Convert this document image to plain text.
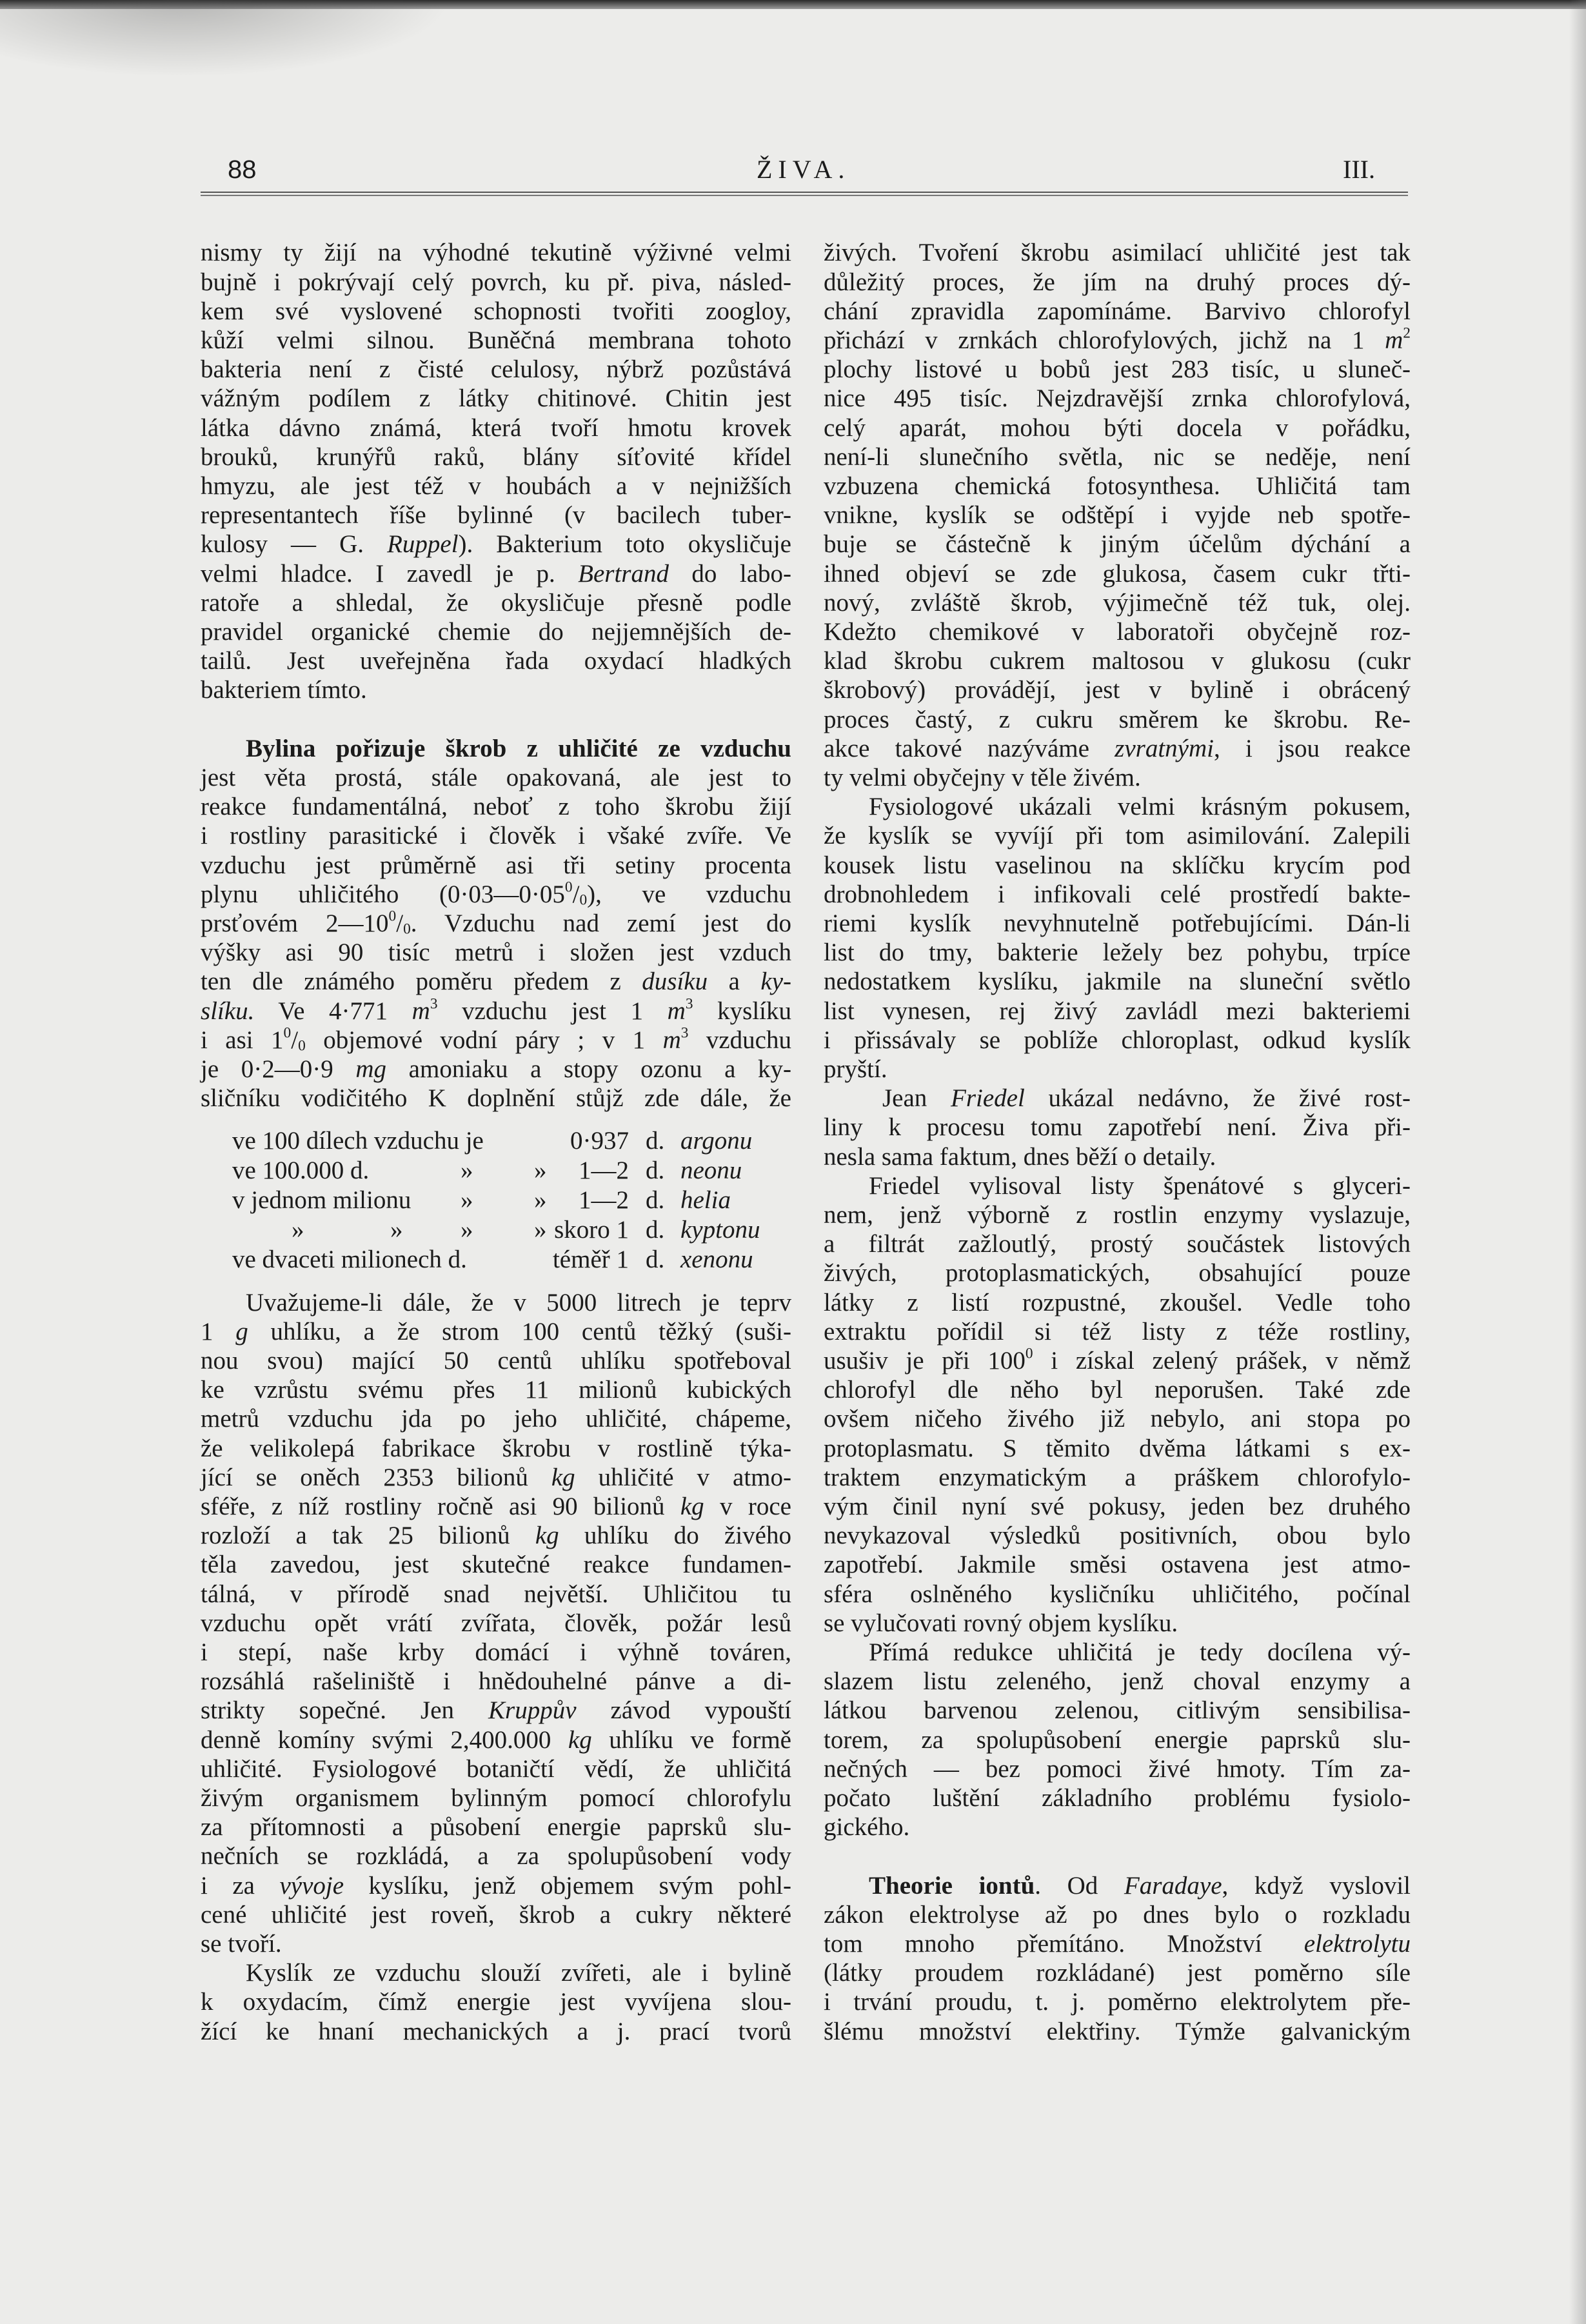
88	ŽIVA.	III.
nismy ty žijí na výhodné tekutině výživné velmi
bujně i pokrývají celý povrch, ku př. piva, násled-
kem své vyslovené schopnosti tvořiti zoogloy,
kůží velmi silnou. Buněčná membrana tohoto
bakteria není z čisté celulosy, nýbrž pozůstává
vážným podílem z látky chitinové. Chitin jest
látka dávno známá, která tvoří hmotu krovek
brouků, krunýřů raků, blány síťovité křídel
hmyzu, ale jest též v houbách a v nejnižších
representantech říše bylinné (v bacilech tuber-
kulosy — G. Ruppel). Bakterium toto okysličuje
velmi hladce. I zavedl je p. Bertrand do labo-
ratoře a shledal, že okysličuje přesně podle
pravidel organické chemie do nejjemnějších de-
tailů. Jest uveřejněna řada oxydací hladkých
bakteriem tímto.
Bylina pořizuje škrob z uhličité ze vzduchu
jest věta prostá, stále opakovaná, ale jest to
reakce fundamentálná, neboť z toho škrobu žijí
i rostliny parasitické i člověk i všaké zvíře. Ve
vzduchu jest průměrně asi tři setiny procenta
plynu uhličitého $(0\cdot 03—0\cdot 05^0/0)$, ve vzduchu
prsťovém $2—10^0/0$. Vzduchu nad zemí jest do
výšky asi 90 tisíc metrů i složen jest vzduch
ten dle známého poměru předem z dusíku a ky-
slíku. Ve 4·771 $m^3$ vzduchu jest 1 $m^3$ kyslíku
i asi $1^0/0$ objemové vodní páry ; v 1 $m^3$ vzduchu
je 0·2—0·9 mg amoniaku a stopy ozonu a ky-
sličníku vodičitého K doplnění stůjž zde dále, že
ve 100 dílech vzduchu je	0·937 d. argonu
ve 100.000 d.	» » 1—2 d. neonu
v jednom milionu » » 1—2 d. helia
»	» » » skoro 1 d. kyptonu
ve dvaceti milionech d.	téměř 1 d. xenonu
Uvažujeme-li dále, že v 5000 litrech je teprv
1 g uhlíku, a že strom 100 centů těžký (suši-
nou svou) mající 50 centů uhlíku spotřeboval
ke vzrůstu svému přes 11 milionů kubických
metrů vzduchu jda po jeho uhličité, chápeme,
že velikolepá fabrikace škrobu v rostlině týka-
jící se oněch 2353 bilionů kg uhličité v atmo-
sféře, z níž rostliny ročně asi 90 bilionů kg v roce
rozloží a tak 25 bilionů kg uhlíku do živého
těla zavedou, jest skutečné reakce fundamen-
tálná, v přírodě snad největší. Uhličitou tu
vzduchu opět vrátí zvířata, člověk, požár lesů
i stepí, naše krby domácí i výhně továren,
rozsáhlá rašeliniště i hnědouhelné pánve a di-
strikty sopečné. Jen Kruppův závod vypouští
denně komíny svými 2,400.000 kg uhlíku ve formě
uhličité. Fysiologové botaničtí vědí, že uhličitá
živým organismem bylinným pomocí chlorofylu
za přítomnosti a působení energie paprsků slu-
nečních se rozkládá, a za spolupůsobení vody
i za vývoje kyslíku, jenž objemem svým pohl-
cené uhličité jest roveň, škrob a cukry některé
se tvoří.
Kyslík ze vzduchu slouží zvířeti, ale i bylině
k oxydacím, čímž energie jest vyvíjena slou-
žící ke hnaní mechanických a j. prací tvorů
živých. Tvoření škrobu asimilací uhličité jest tak
důležitý proces, že jím na druhý proces dý-
chání zpravidla zapomínáme. Barvivo chlorofyl
přichází v zrnkách chlorofylových, jichž na 1 $m^2$
plochy listové u bobů jest 283 tisíc, u sluneč-
nice 495 tisíc. Nejzdravější zrnka chlorofylová,
celý aparát, mohou býti docela v pořádku,
není-li slunečního světla, nic se neděje, není
vzbuzena chemická fotosynthesa. Uhličitá tam
vnikne, kyslík se odštěpí i vyjde neb spotře-
buje se částečně k jiným účelům dýchání a
ihned objeví se zde glukosa, časem cukr třti-
nový, zvláště škrob, výjimečně též tuk, olej.
Kdežto chemikové v laboratoři obyčejně roz-
klad škrobu cukrem maltosou v glukosu (cukr
škrobový) provádějí, jest v bylině i obrácený
proces častý, z cukru směrem ke škrobu. Re-
akce takové nazýváme zvratnými, i jsou reakce
ty velmi obyčejny v těle živém.
Fysiologové ukázali velmi krásným pokusem,
že kyslík se vyvíjí při tom asimilování. Zalepili
kousek listu vaselinou na sklíčku krycím pod
drobnohledem i infikovali celé prostředí bakte-
riemi kyslík nevyhnutelně potřebujícími. Dán-li
list do tmy, bakterie ležely bez pohybu, trpíce
nedostatkem kyslíku, jakmile na sluneční světlo
list vynesen, rej živý zavládl mezi bakteriemi
i přissávaly se poblíže chloroplast, odkud kyslík
pryští.
Jean Friedel ukázal nedávno, že živé rost-
liny k procesu tomu zapotřebí není. Živa při-
nesla sama faktum, dnes běží o detaily.
Friedel vylisoval listy špenátové s glyceri-
nem, jenž výborně z rostlin enzymy vyslazuje,
a filtrát zažloutlý, prostý součástek listových
živých, protoplasmatických, obsahující pouze
látky z listí rozpustné, zkoušel. Vedle toho
extraktu pořídil si též listy z téže rostliny,
usušiv je při $100^0$ i získal zelený prášek, v němž
chlorofyl dle něho byl neporušen. Také zde
ovšem ničeho živého již nebylo, ani stopa po
protoplasmatu. S těmito dvěma látkami s ex-
traktem enzymatickým a práškem chlorofylo-
vým činil nyní své pokusy, jeden bez druhého
nevykazoval výsledků positivních, obou bylo
zapotřebí. Jakmile směsi ostavena jest atmo-
sféra oslněného kysličníku uhličitého, počínal
se vylučovati rovný objem kyslíku.
Přímá redukce uhličitá je tedy docílena vý-
slazem listu zeleného, jenž choval enzymy a
látkou barvenou zelenou, citlivým sensibilisa-
torem, za spolupůsobení energie paprsků slu-
nečných — bez pomoci živé hmoty. Tím za-
počato luštění základního problému fysiolo-
gického.
Theorie iontů. Od Faradaye, když vyslovil
zákon elektrolyse až po dnes bylo o rozkladu
tom mnoho přemítáno. Množství elektrolytu
(látky proudem rozkládané) jest poměrno síle
i trvání proudu, t. j. poměrno elektrolytem pře-
šlému množství elektřiny. Týmže galvanickým
